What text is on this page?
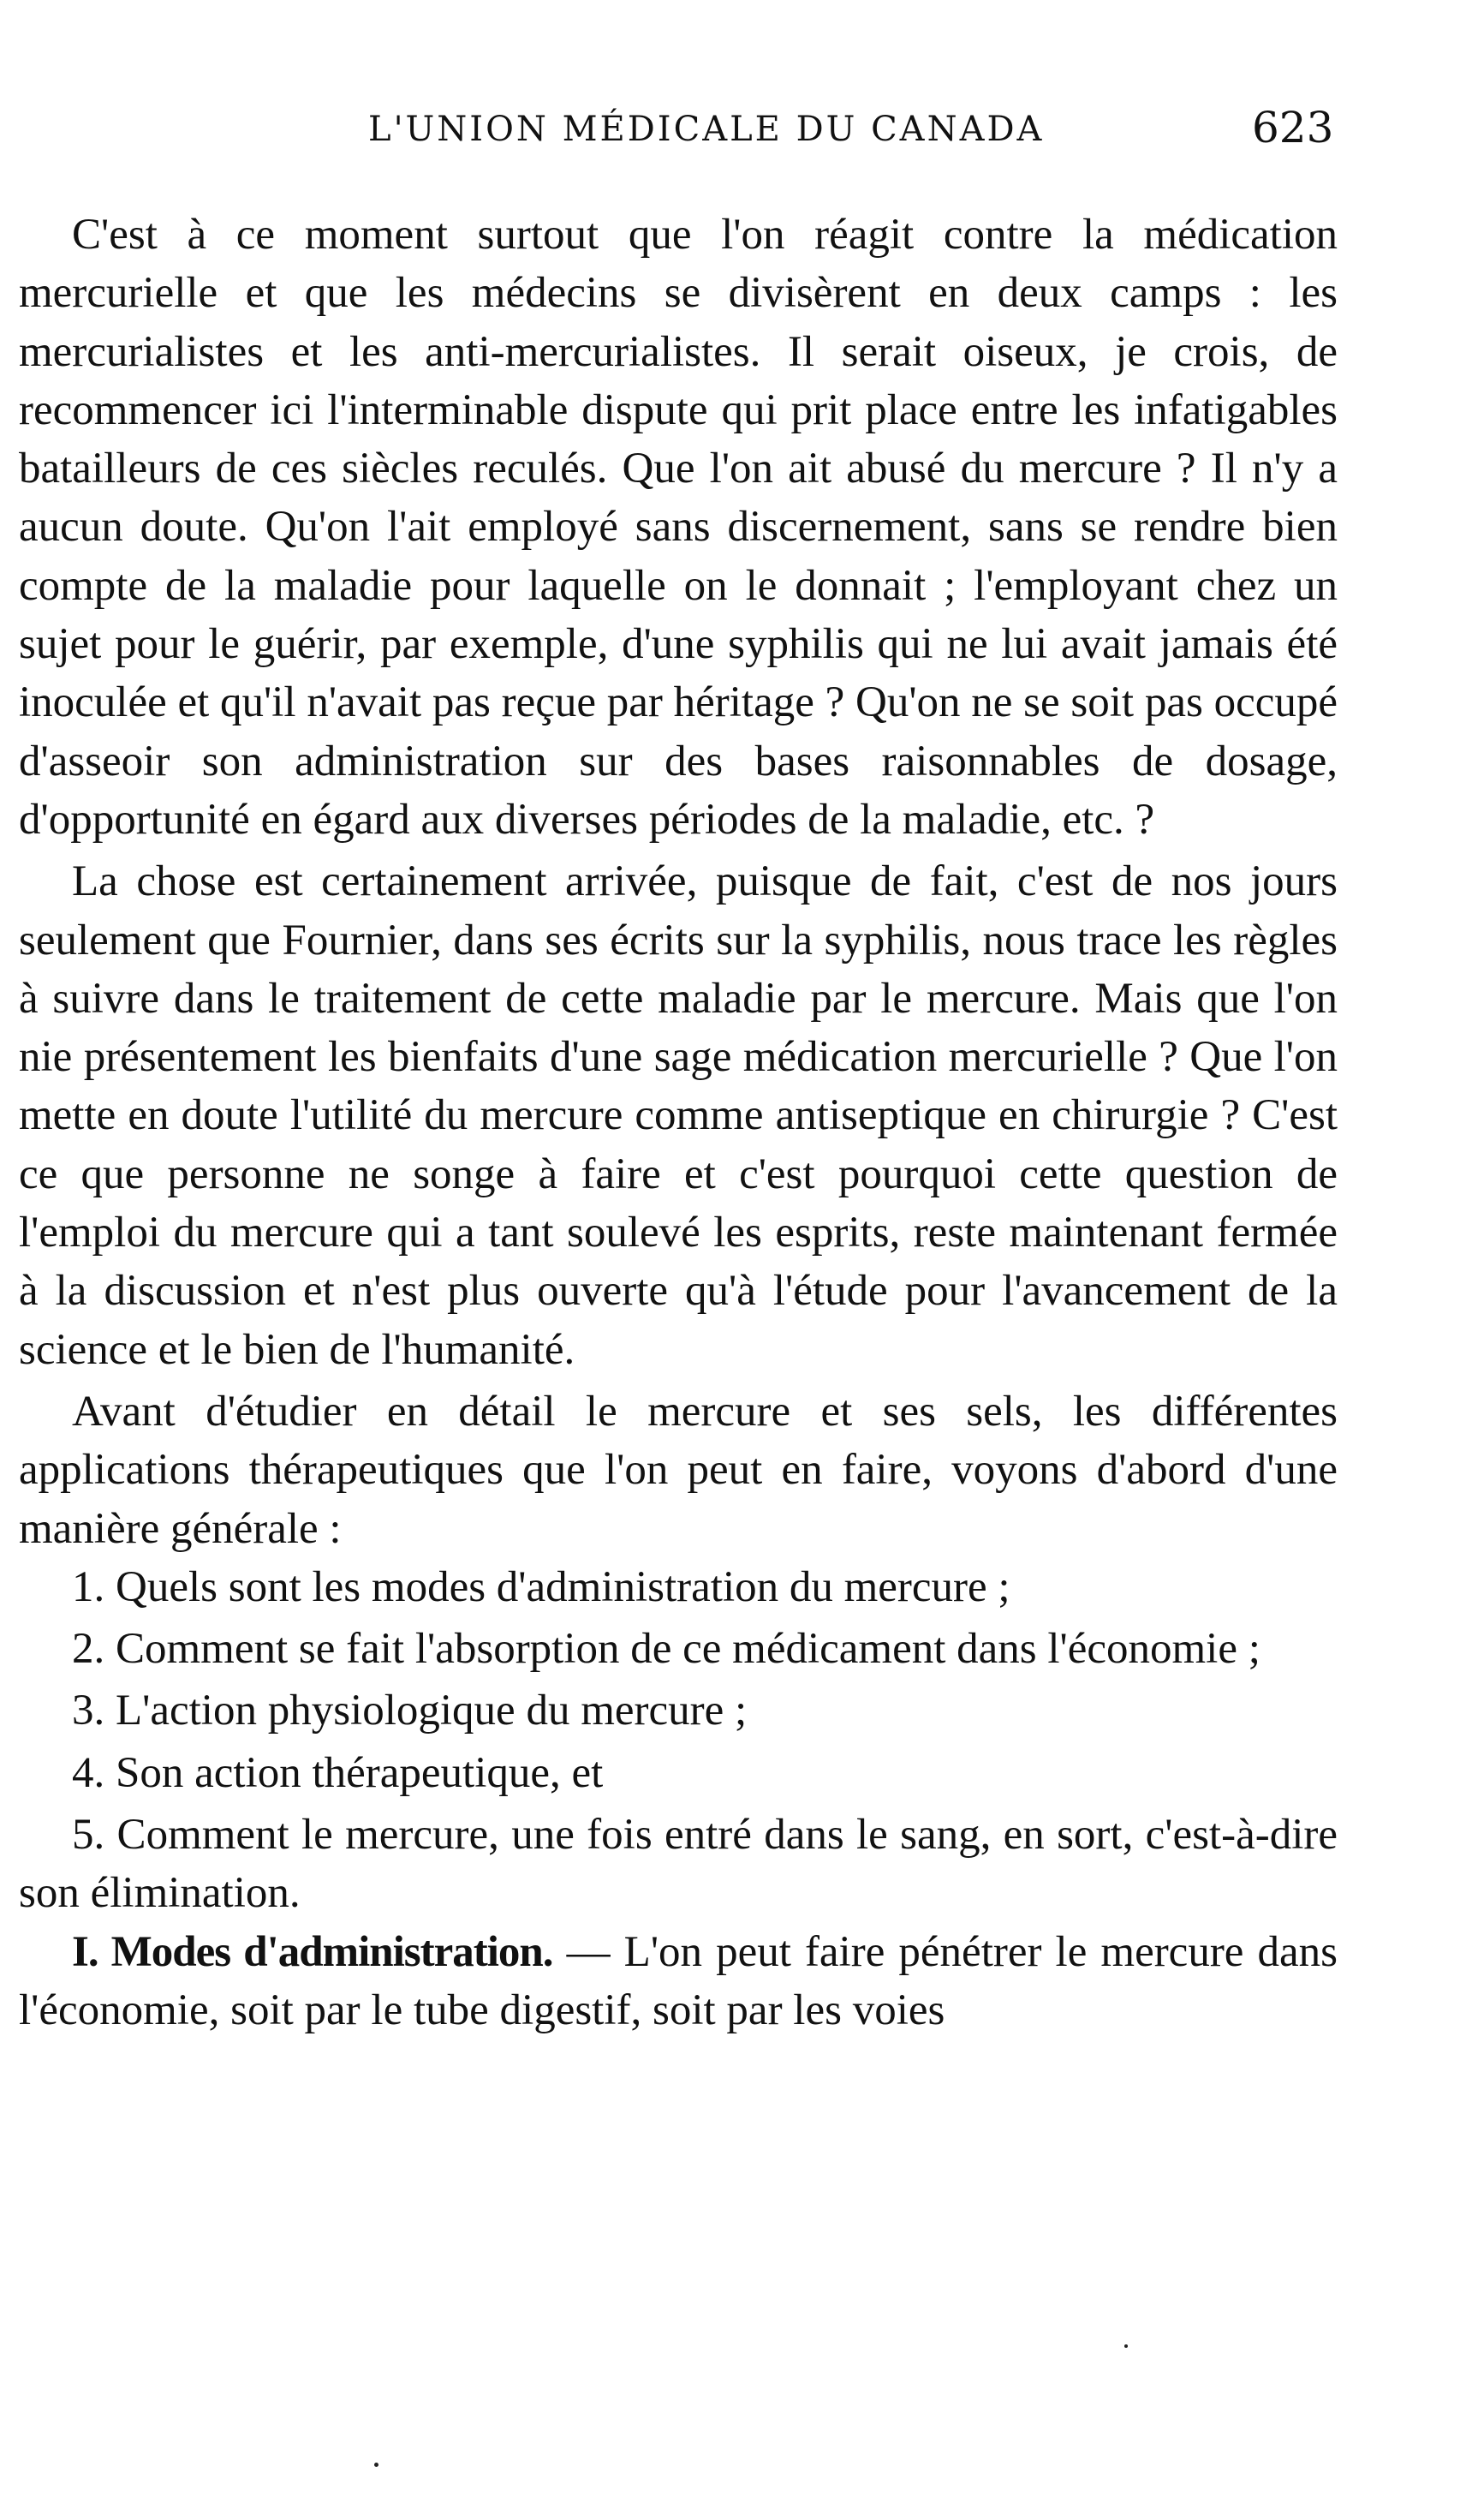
L'UNION MÉDICALE DU CANADA	623

C'est à ce moment surtout que l'on réagit contre la médication mercurielle et que les médecins se divisèrent en deux camps : les mercurialistes et les anti-mercurialistes. Il serait oiseux, je crois, de recommencer ici l'interminable dispute qui prit place entre les infatigables batailleurs de ces siècles reculés. Que l'on ait abusé du mercure ? Il n'y a aucun doute. Qu'on l'ait employé sans discernement, sans se rendre bien compte de la maladie pour laquelle on le donnait ; l'employant chez un sujet pour le guérir, par exemple, d'une syphilis qui ne lui avait jamais été inoculée et qu'il n'avait pas reçue par héritage ? Qu'on ne se soit pas occupé d'asseoir son administration sur des bases raisonnables de dosage, d'opportunité en égard aux diverses périodes de la maladie, etc. ?

La chose est certainement arrivée, puisque de fait, c'est de nos jours seulement que Fournier, dans ses écrits sur la syphilis, nous trace les règles à suivre dans le traitement de cette maladie par le mercure. Mais que l'on nie présentement les bienfaits d'une sage médication mercurielle ? Que l'on mette en doute l'utilité du mercure comme antiseptique en chirurgie ? C'est ce que personne ne songe à faire et c'est pourquoi cette question de l'emploi du mercure qui a tant soulevé les esprits, reste maintenant fermée à la discussion et n'est plus ouverte qu'à l'étude pour l'avancement de la science et le bien de l'humanité.

Avant d'étudier en détail le mercure et ses sels, les différentes applications thérapeutiques que l'on peut en faire, voyons d'abord d'une manière générale :

1. Quels sont les modes d'administration du mercure ;

2. Comment se fait l'absorption de ce médicament dans l'économie ;

3. L'action physiologique du mercure ;

4. Son action thérapeutique, et

5. Comment le mercure, une fois entré dans le sang, en sort, c'est-à-dire son élimination.

I. Modes d'administration. — L'on peut faire pénétrer le mercure dans l'économie, soit par le tube digestif, soit par les voies
